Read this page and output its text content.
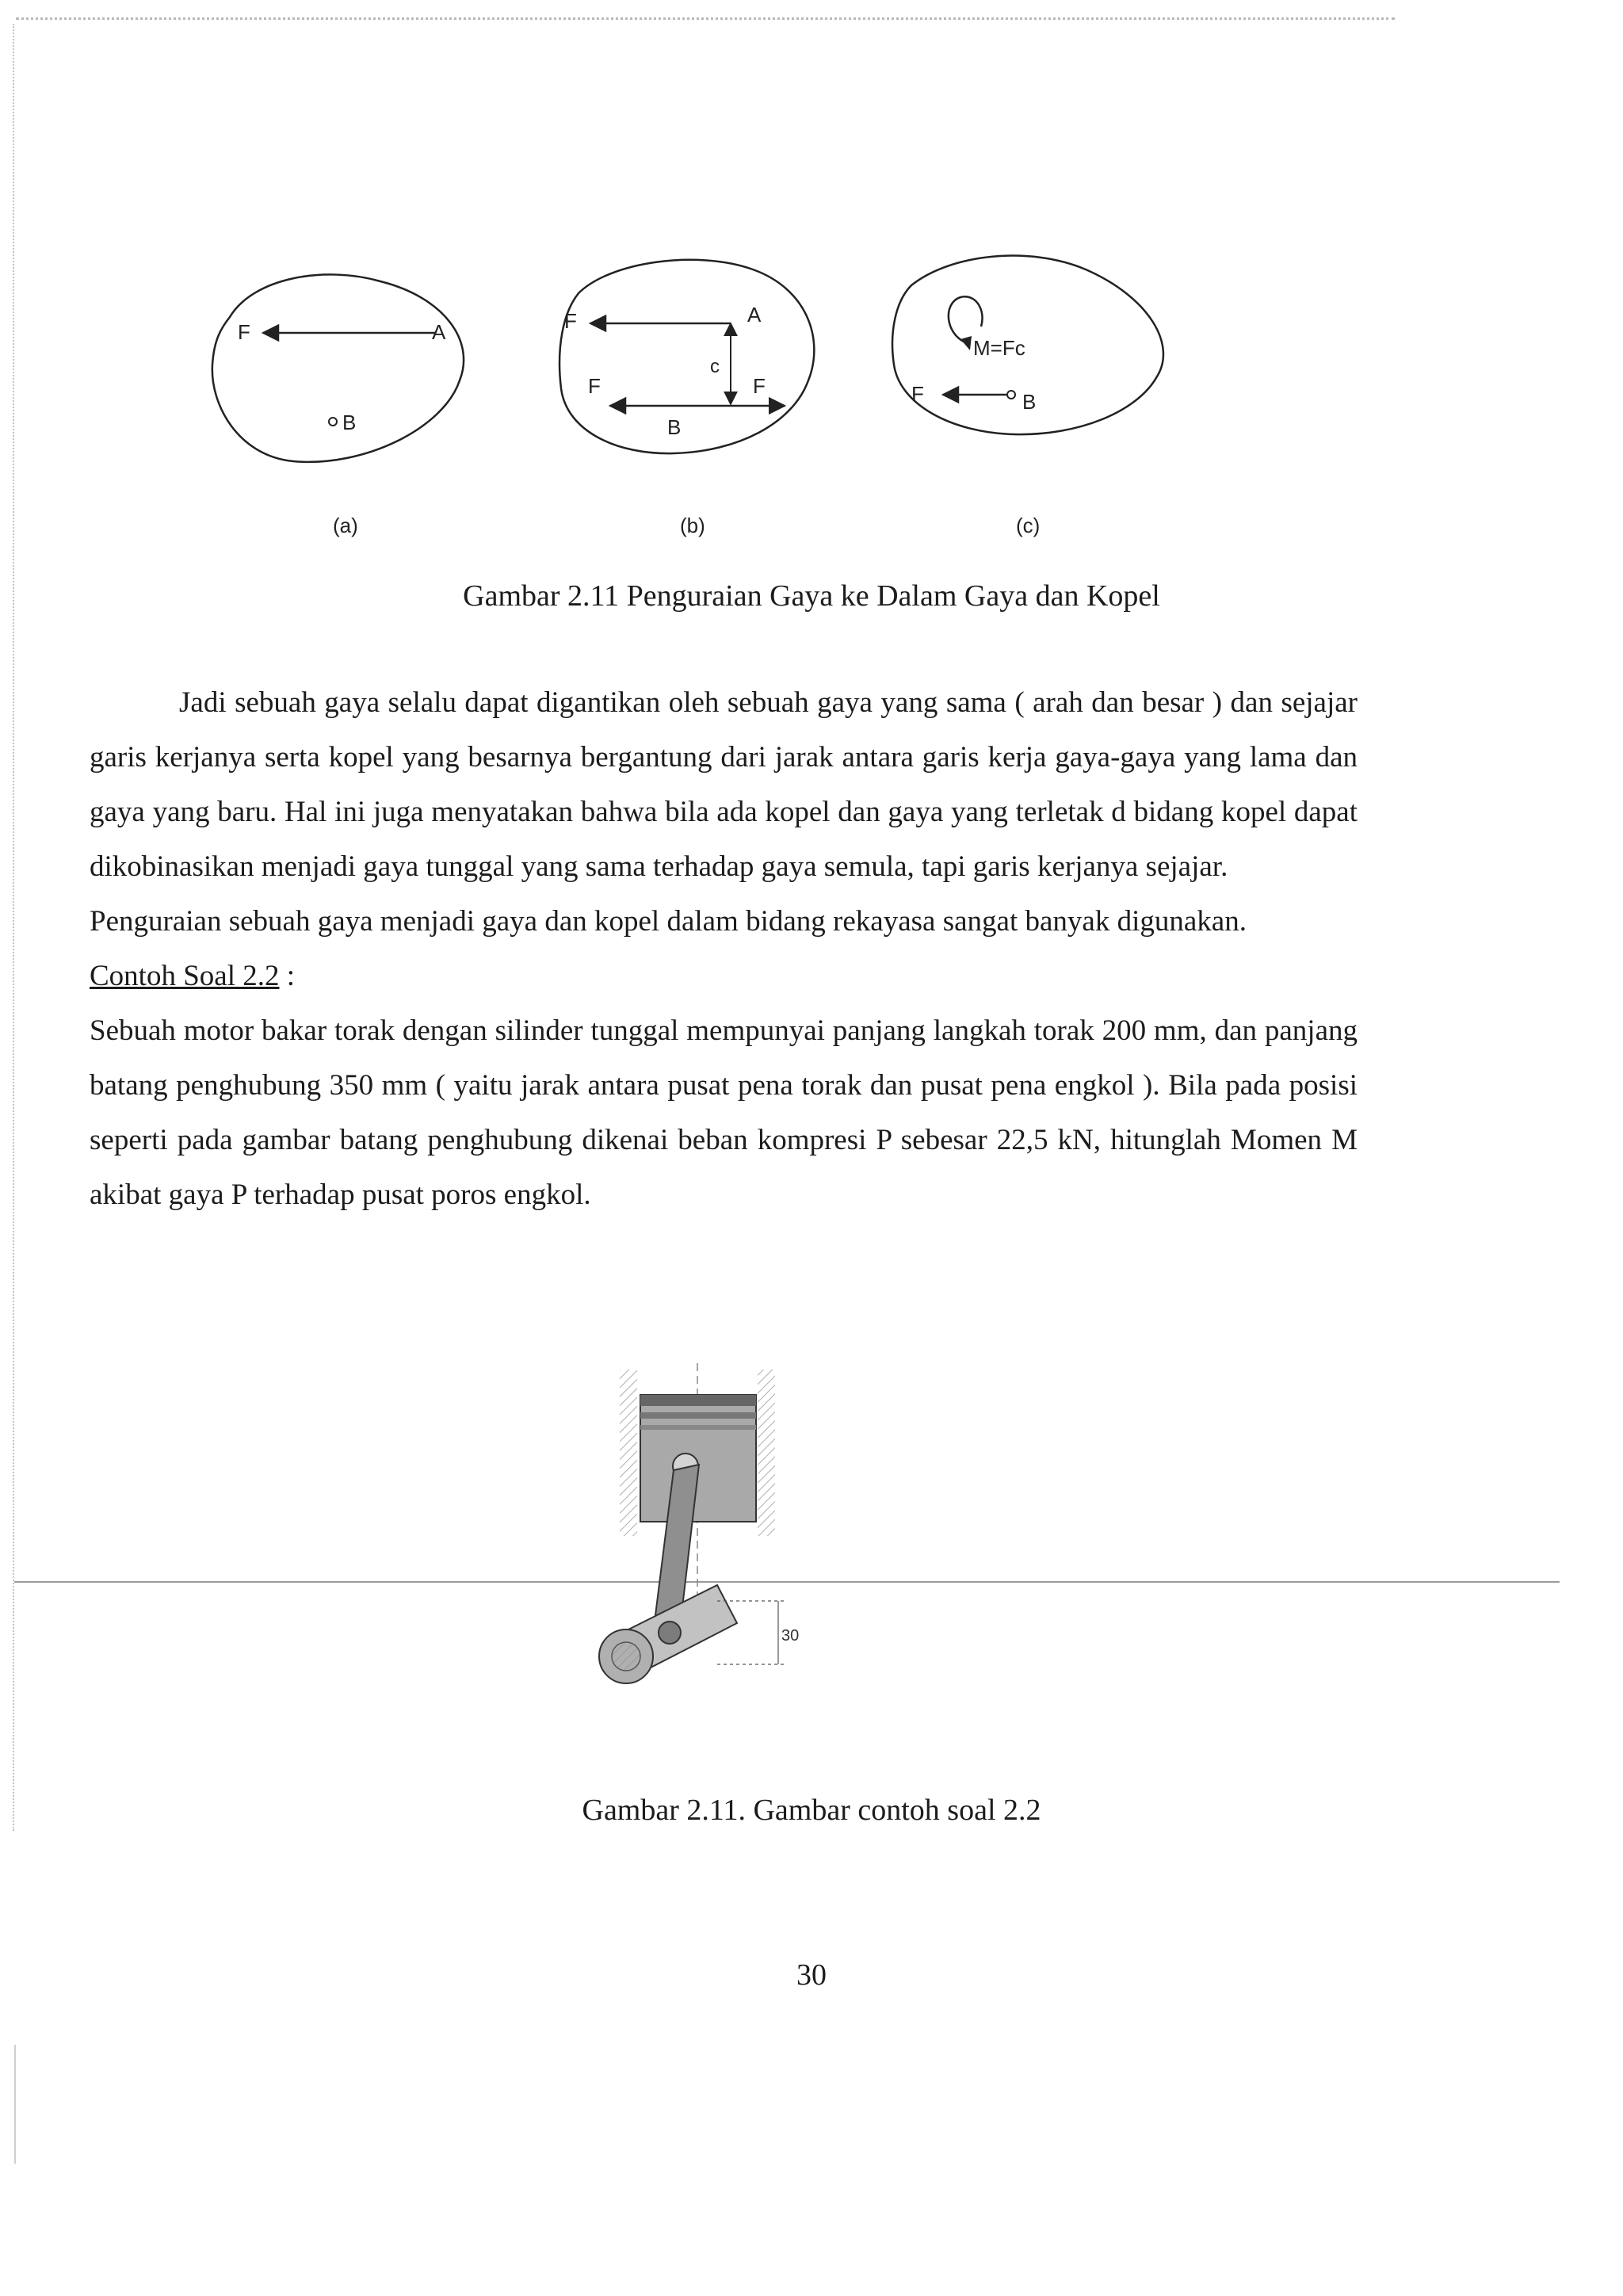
F	A
B
F	A
c
F	F
B
M=Fc
F	B
(a)	(b)	(c)
Gambar 2.11 Penguraian Gaya ke Dalam Gaya dan Kopel

Jadi sebuah gaya selalu dapat digantikan oleh sebuah gaya yang sama ( arah dan besar ) dan sejajar garis kerjanya serta kopel yang besarnya bergantung dari jarak antara garis kerja gaya-gaya yang lama dan gaya yang baru. Hal ini juga menyatakan bahwa bila ada kopel dan gaya yang terletak d bidang kopel dapat dikobinasikan menjadi gaya tunggal yang sama terhadap gaya semula, tapi garis kerjanya sejajar.

Penguraian sebuah gaya menjadi gaya dan kopel dalam bidang rekayasa sangat banyak digunakan.

Contoh Soal 2.2 :

Sebuah motor bakar torak dengan silinder tunggal mempunyai panjang langkah torak 200 mm, dan panjang batang penghubung 350 mm ( yaitu jarak antara pusat pena torak dan pusat pena engkol ). Bila pada posisi seperti pada gambar batang penghubung dikenai beban kompresi P sebesar 22,5 kN, hitunglah Momen M akibat gaya P terhadap pusat poros engkol.

30
Gambar 2.11. Gambar contoh soal 2.2
30
